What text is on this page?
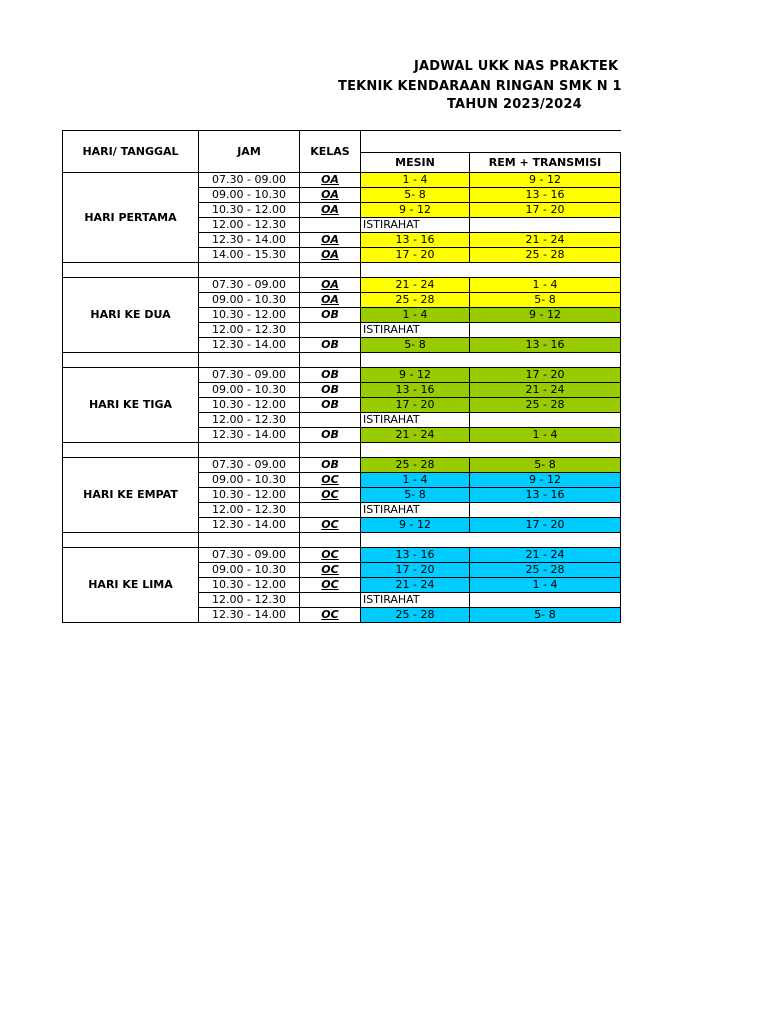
JADWAL UKK NAS PRAKTEK
TEKNIK KENDARAAN RINGAN SMK N 1
TAHUN 2023/2024
HARI/ TANGGAL	JAM	KELAS		
			MESIN	REM + TRANSMISI
HARI PERTAMA	07.30 - 09.00	OA	1 - 4	9 - 12
	09.00 - 10.30	OA	5- 8	13 - 16
	10.30 - 12.00	OA	9 - 12	17 - 20
	12.00 - 12.30		ISTIRAHAT	
	12.30 - 14.00	OA	13 - 16	21 - 24
	14.00 - 15.30	OA	17 - 20	25 - 28

HARI KE DUA	07.30 - 09.00	OA	21 - 24	1 - 4
	09.00 - 10.30	OA	25 - 28	5- 8
	10.30 - 12.00	OB	1 - 4	9 - 12
	12.00 - 12.30		ISTIRAHAT	
	12.30 - 14.00	OB	5- 8	13 - 16

HARI KE TIGA	07.30 - 09.00	OB	9 - 12	17 - 20
	09.00 - 10.30	OB	13 - 16	21 - 24
	10.30 - 12.00	OB	17 - 20	25 - 28
	12.00 - 12.30		ISTIRAHAT	
	12.30 - 14.00	OB	21 - 24	1 - 4

HARI KE EMPAT	07.30 - 09.00	OB	25 - 28	5- 8
	09.00 - 10.30	OC	1 - 4	9 - 12
	10.30 - 12.00	OC	5- 8	13 - 16
	12.00 - 12.30		ISTIRAHAT	
	12.30 - 14.00	OC	9 - 12	17 - 20

HARI KE LIMA	07.30 - 09.00	OC	13 - 16	21 - 24
	09.00 - 10.30	OC	17 - 20	25 - 28
	10.30 - 12.00	OC	21 - 24	1 - 4
	12.00 - 12.30		ISTIRAHAT	
	12.30 - 14.00	OC	25 - 28	5- 8
